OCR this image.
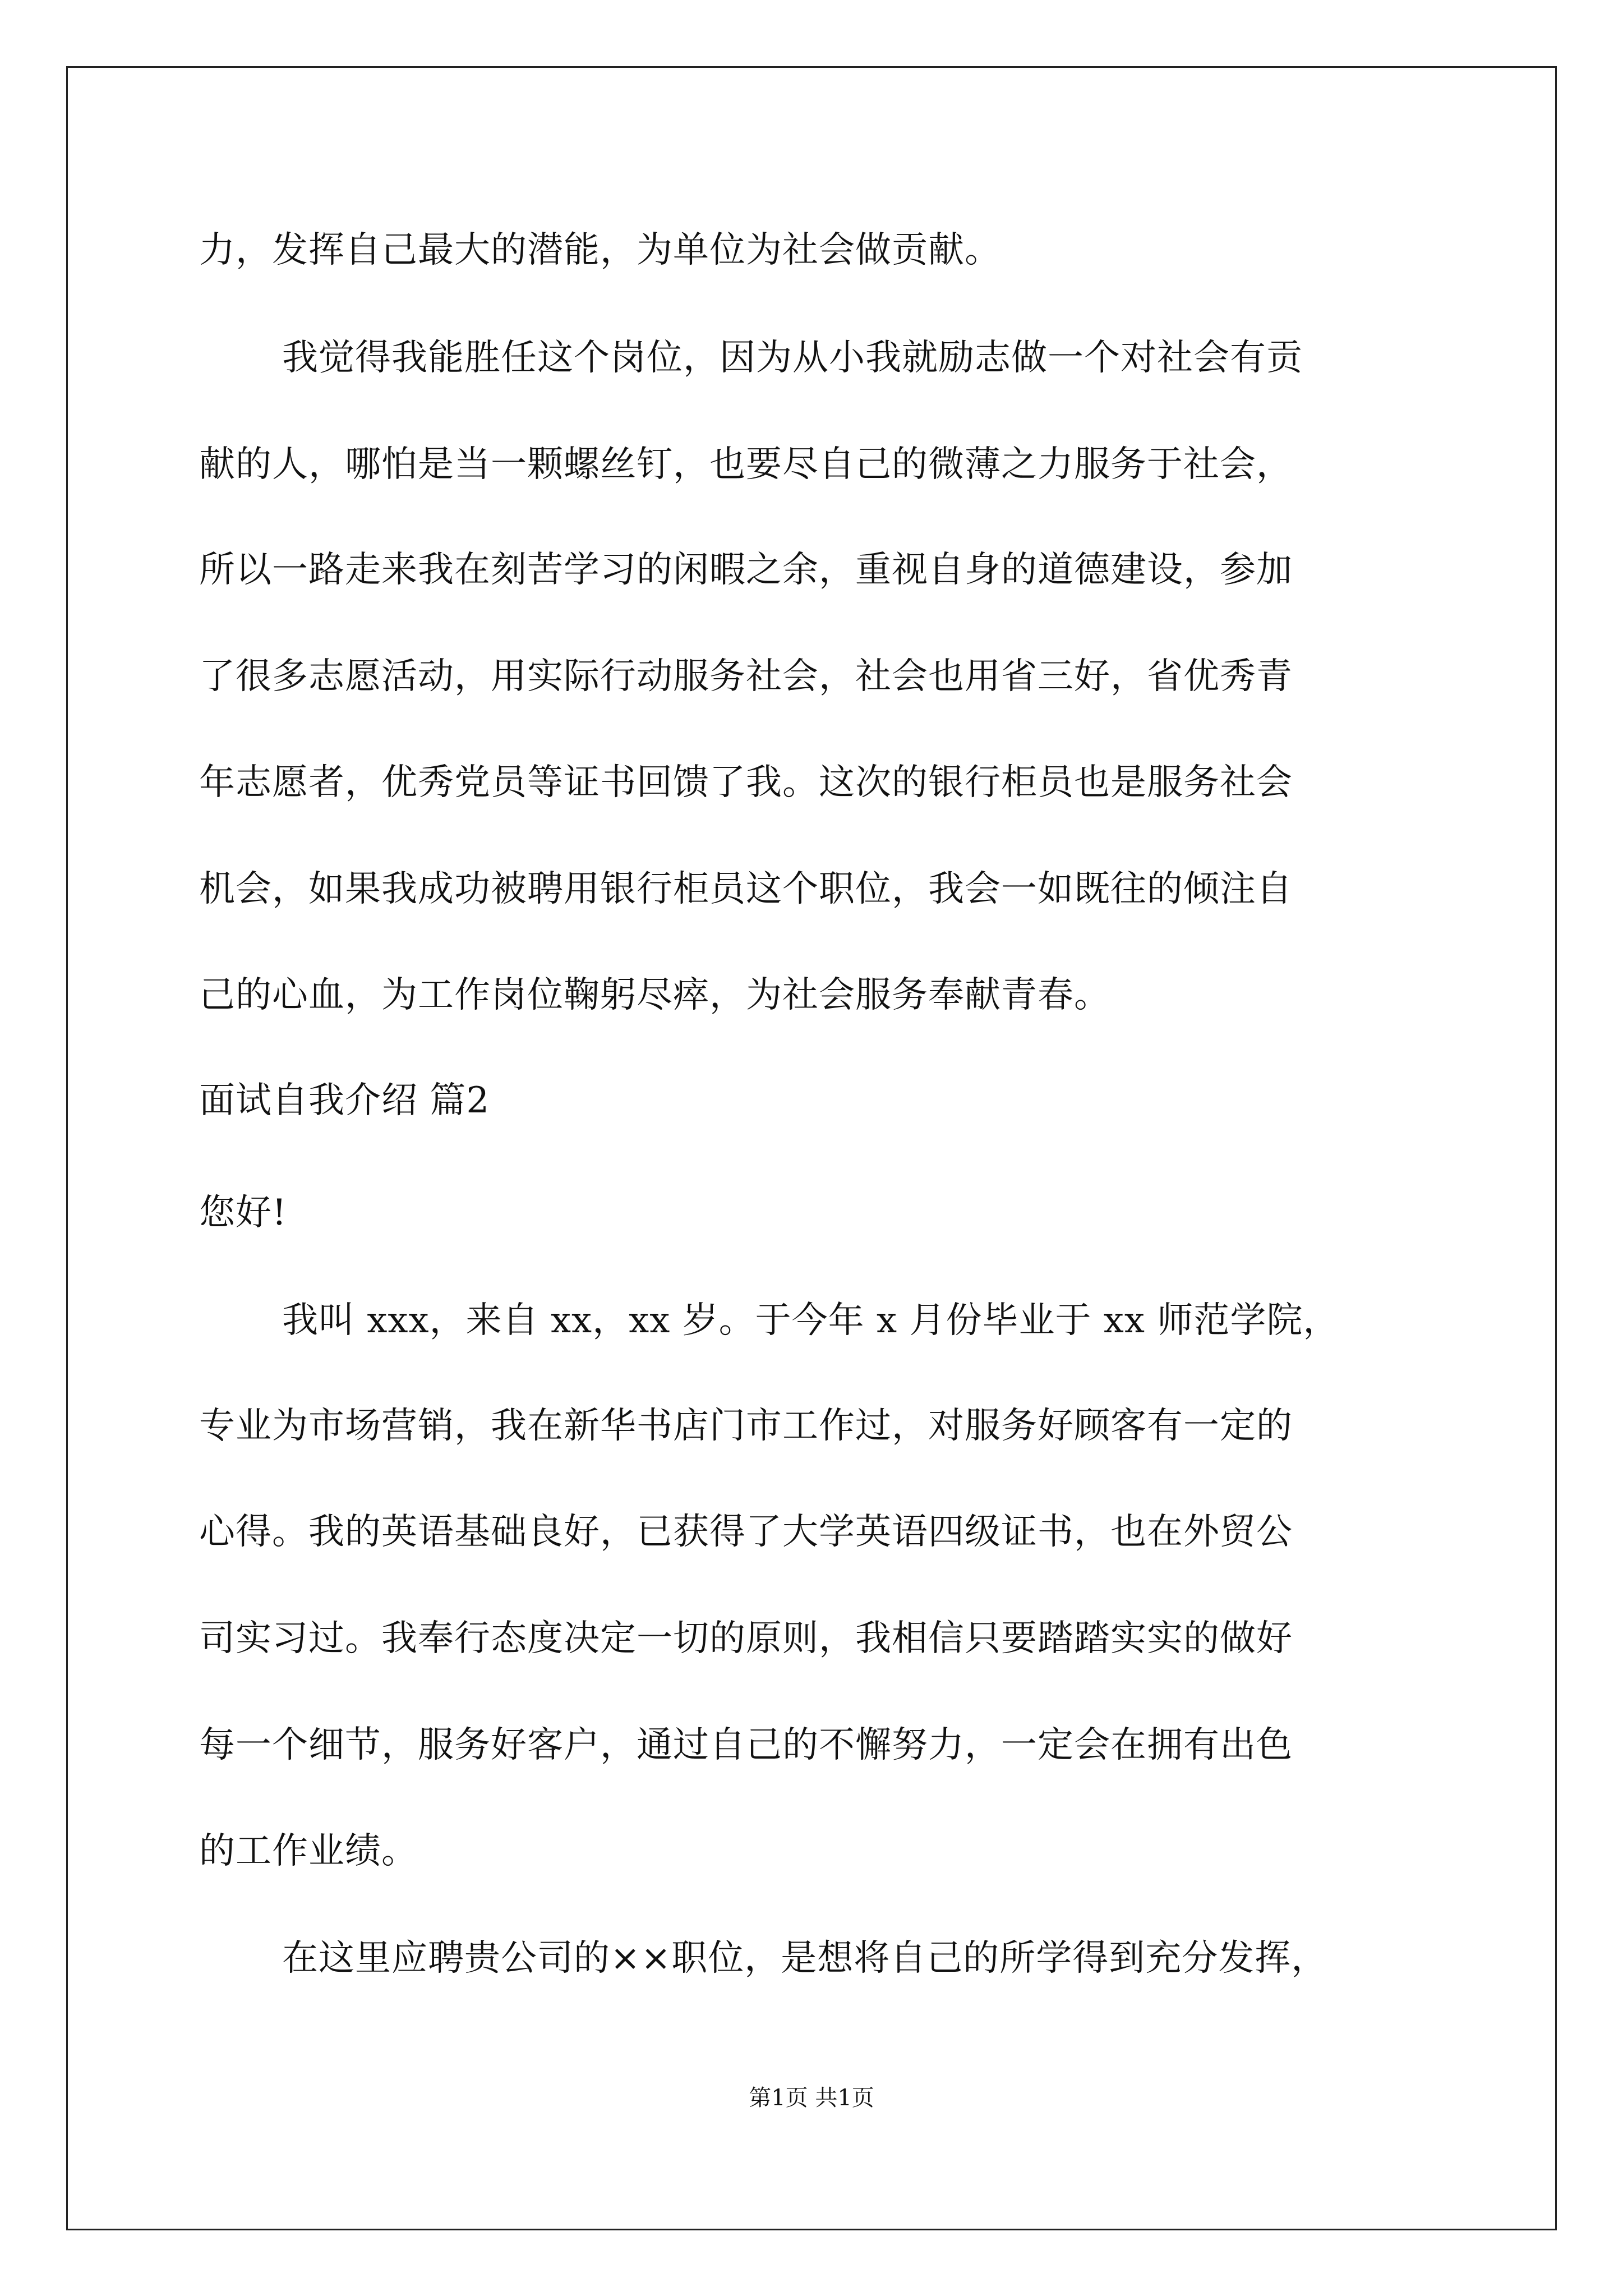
力，发挥自己最大的潜能，为单位为社会做贡献。
我觉得我能胜任这个岗位，因为从小我就励志做一个对社会有贡
献的人，哪怕是当一颗螺丝钉，也要尽自己的微薄之力服务于社会，
所以一路走来我在刻苦学习的闲暇之余，重视自身的道德建设，参加
了很多志愿活动，用实际行动服务社会，社会也用省三好，省优秀青
年志愿者，优秀党员等证书回馈了我。这次的银行柜员也是服务社会
机会，如果我成功被聘用银行柜员这个职位，我会一如既往的倾注自
己的心血，为工作岗位鞠躬尽瘁，为社会服务奉献青春。
面试自我介绍 篇2
您好!
我叫 xxx，来自 xx，xx 岁。于今年 x 月份毕业于 xx 师范学院，
专业为市场营销，我在新华书店门市工作过，对服务好顾客有一定的
心得。我的英语基础良好，已获得了大学英语四级证书，也在外贸公
司实习过。我奉行态度决定一切的原则，我相信只要踏踏实实的做好
每一个细节，服务好客户，通过自己的不懈努力，一定会在拥有出色
的工作业绩。
在这里应聘贵公司的××职位，是想将自己的所学得到充分发挥，
第1页 共1页
